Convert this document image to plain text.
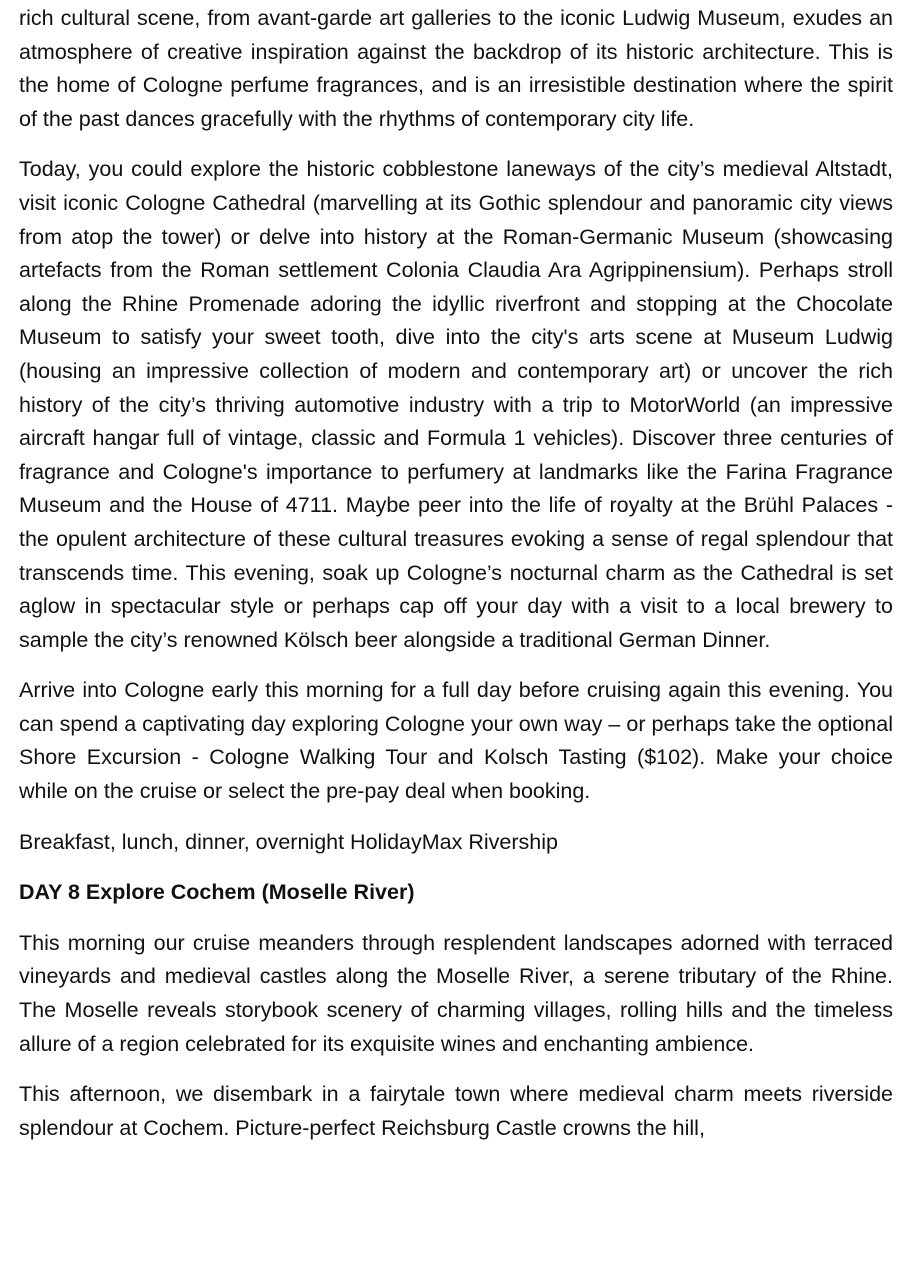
rich cultural scene, from avant-garde art galleries to the iconic Ludwig Museum, exudes an atmosphere of creative inspiration against the backdrop of its historic architecture. This is the home of Cologne perfume fragrances, and is an irresistible destination where the spirit of the past dances gracefully with the rhythms of contemporary city life.

Today, you could explore the historic cobblestone laneways of the city’s medieval Altstadt, visit iconic Cologne Cathedral (marvelling at its Gothic splendour and panoramic city views from atop the tower) or delve into history at the Roman-Germanic Museum (showcasing artefacts from the Roman settlement Colonia Claudia Ara Agrippinensium). Perhaps stroll along the Rhine Promenade adoring the idyllic riverfront and stopping at the Chocolate Museum to satisfy your sweet tooth, dive into the city's arts scene at Museum Ludwig (housing an impressive collection of modern and contemporary art) or uncover the rich history of the city’s thriving automotive industry with a trip to MotorWorld (an impressive aircraft hangar full of vintage, classic and Formula 1 vehicles). Discover three centuries of fragrance and Cologne's importance to perfumery at landmarks like the Farina Fragrance Museum and the House of 4711. Maybe peer into the life of royalty at the Brühl Palaces - the opulent architecture of these cultural treasures evoking a sense of regal splendour that transcends time. This evening, soak up Cologne’s nocturnal charm as the Cathedral is set aglow in spectacular style or perhaps cap off your day with a visit to a local brewery to sample the city’s renowned Kölsch beer alongside a traditional German Dinner.

Arrive into Cologne early this morning for a full day before cruising again this evening. You can spend a captivating day exploring Cologne your own way – or perhaps take the optional Shore Excursion - Cologne Walking Tour and Kolsch Tasting ($102). Make your choice while on the cruise or select the pre-pay deal when booking.

Breakfast, lunch, dinner, overnight HolidayMax Rivership

DAY 8 Explore Cochem (Moselle River)

This morning our cruise meanders through resplendent landscapes adorned with terraced vineyards and medieval castles along the Moselle River, a serene tributary of the Rhine. The Moselle reveals storybook scenery of charming villages, rolling hills and the timeless allure of a region celebrated for its exquisite wines and enchanting ambience.

This afternoon, we disembark in a fairytale town where medieval charm meets riverside splendour at Cochem. Picture-perfect Reichsburg Castle crowns the hill,
